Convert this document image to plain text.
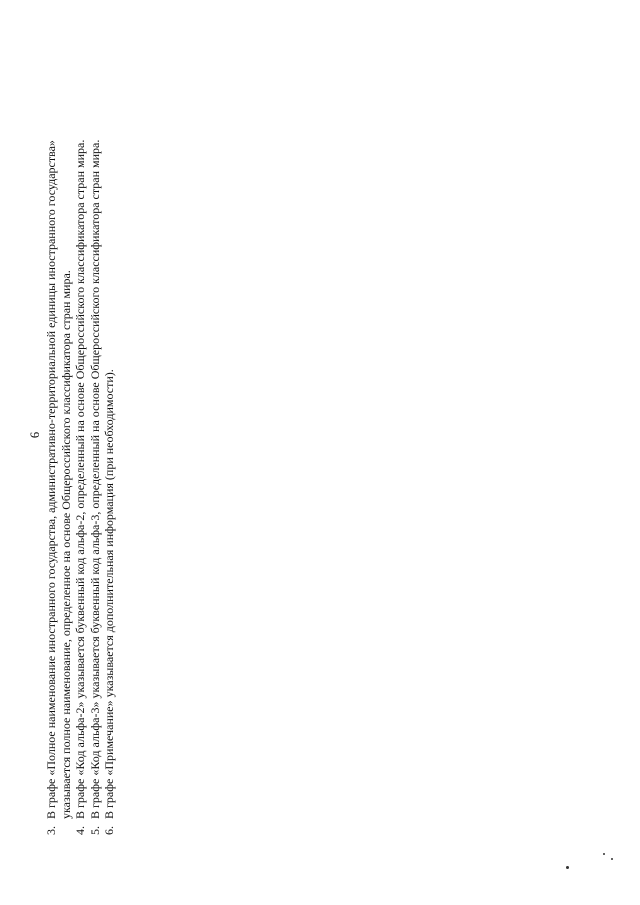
6
3.
В графе «Полное наименование иностранного государства, административно-территориальной единицы иностранного государства» указывается полное наименование, определенное на основе Общероссийского классификатора стран мира.
4.
В графе «Код альфа-2» указывается буквенный код альфа-2, определенный на основе Общероссийского классификатора стран мира.
5.
В графе «Код альфа-3» указывается буквенный код альфа-3, определенный на основе Общероссийского классификатора стран мира.
6.
В графе «Примечание» указывается дополнительная информация (при необходимости).
